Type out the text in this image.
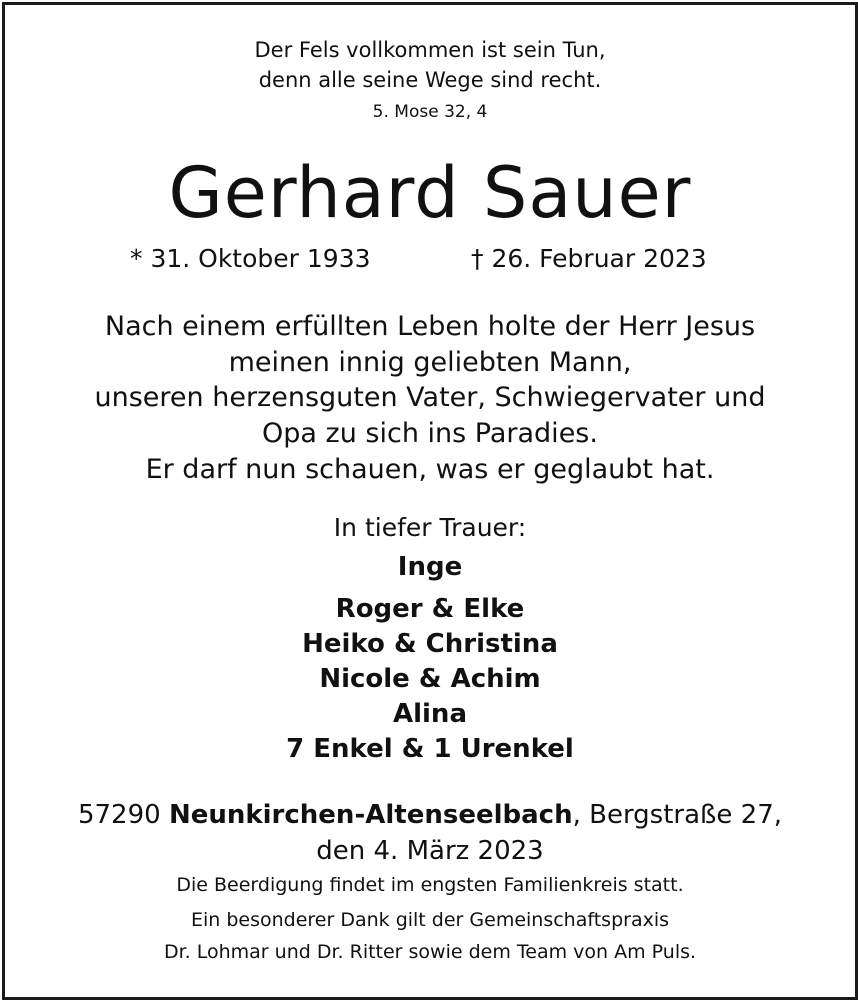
Der Fels vollkommen ist sein Tun,
denn alle seine Wege sind recht.
5. Mose 32, 4
Gerhard Sauer
* 31. Oktober 1933	† 26. Februar 2023
Nach einem erfüllten Leben holte der Herr Jesus
meinen innig geliebten Mann,
unseren herzensguten Vater, Schwiegervater und
Opa zu sich ins Paradies.
Er darf nun schauen, was er geglaubt hat.
In tiefer Trauer:
Inge
Roger & Elke
Heiko & Christina
Nicole & Achim
Alina
7 Enkel & 1 Urenkel
57290 Neunkirchen-Altenseelbach, Bergstraße 27,
den 4. März 2023
Die Beerdigung findet im engsten Familienkreis statt.
Ein besonderer Dank gilt der Gemeinschaftspraxis
Dr. Lohmar und Dr. Ritter sowie dem Team von Am Puls.
